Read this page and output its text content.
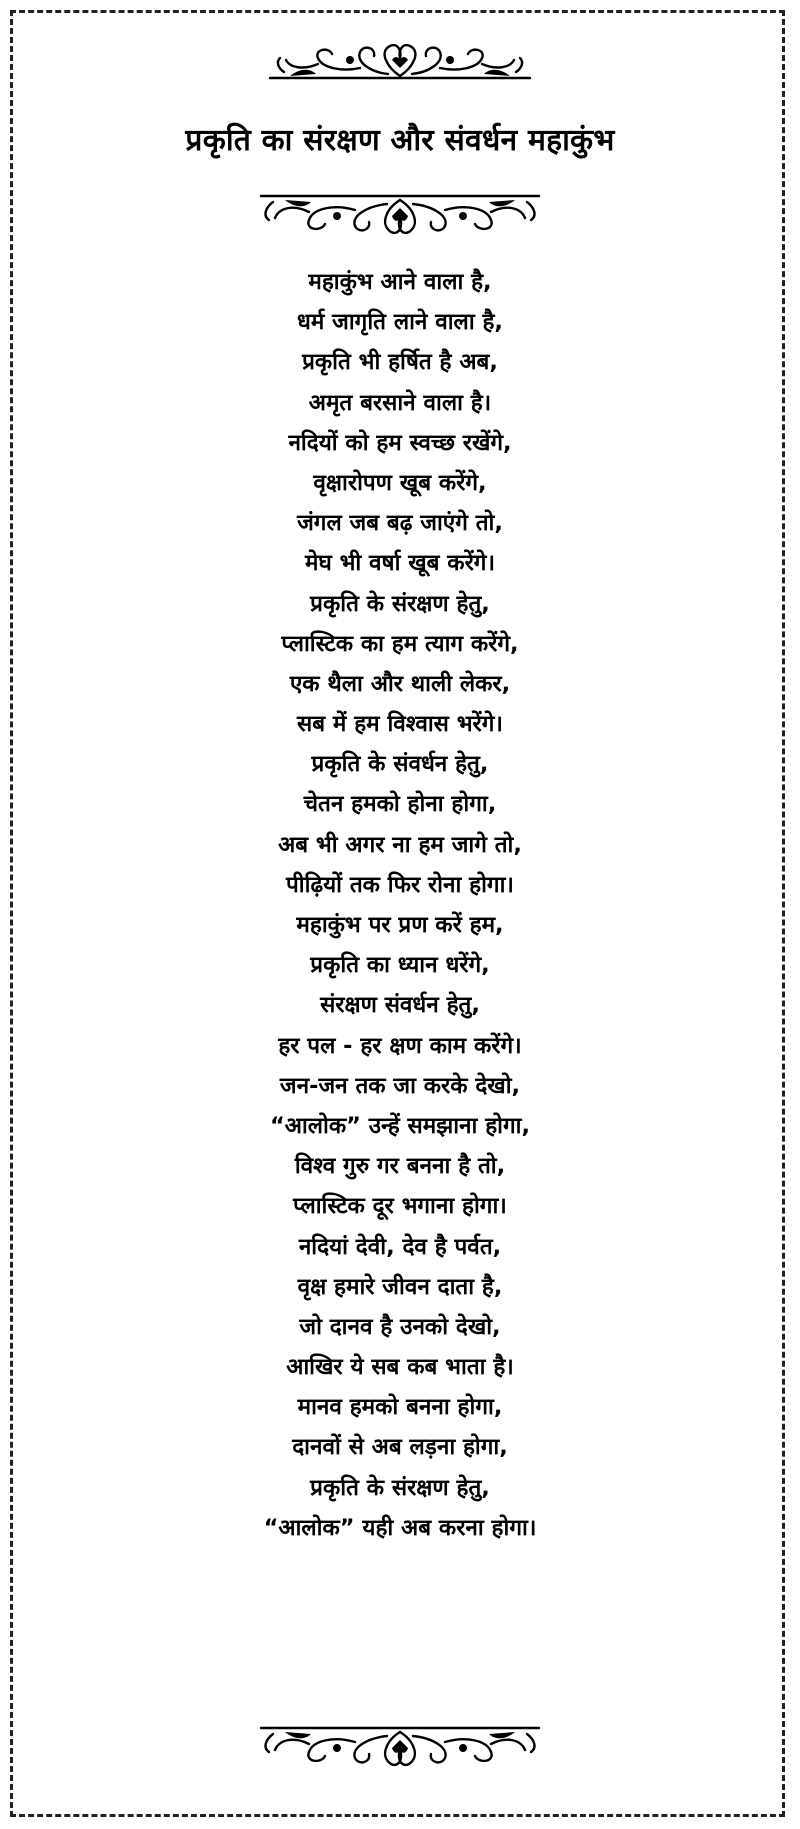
प्रकृति का संरक्षण और संवर्धन महाकुंभ
महाकुंभ आने वाला है,
धर्म जागृति लाने वाला है,
प्रकृति भी हर्षित है अब,
अमृत बरसाने वाला है।
नदियों को हम स्वच्छ रखेंगे,
वृक्षारोपण खूब करेंगे,
जंगल जब बढ़ जाएंगे तो,
मेघ भी वर्षा खूब करेंगे।
प्रकृति के संरक्षण हेतु,
प्लास्टिक का हम त्याग करेंगे,
एक थैला और थाली लेकर,
सब में हम विश्वास भरेंगे।
प्रकृति के संवर्धन हेतु,
चेतन हमको होना होगा,
अब भी अगर ना हम जागे तो,
पीढ़ियों तक फिर रोना होगा।
महाकुंभ पर प्रण करें हम,
प्रकृति का ध्यान धरेंगे,
संरक्षण संवर्धन हेतु,
हर पल - हर क्षण काम करेंगे।
जन-जन तक जा करके देखो,
“आलोक” उन्हें समझाना होगा,
विश्व गुरु गर बनना है तो,
प्लास्टिक दूर भगाना होगा।
नदियां देवी, देव है पर्वत,
वृक्ष हमारे जीवन दाता है,
जो दानव है उनको देखो,
आखिर ये सब कब भाता है।
मानव हमको बनना होगा,
दानवों से अब लड़ना होगा,
प्रकृति के संरक्षण हेतु,
“आलोक” यही अब करना होगा।
